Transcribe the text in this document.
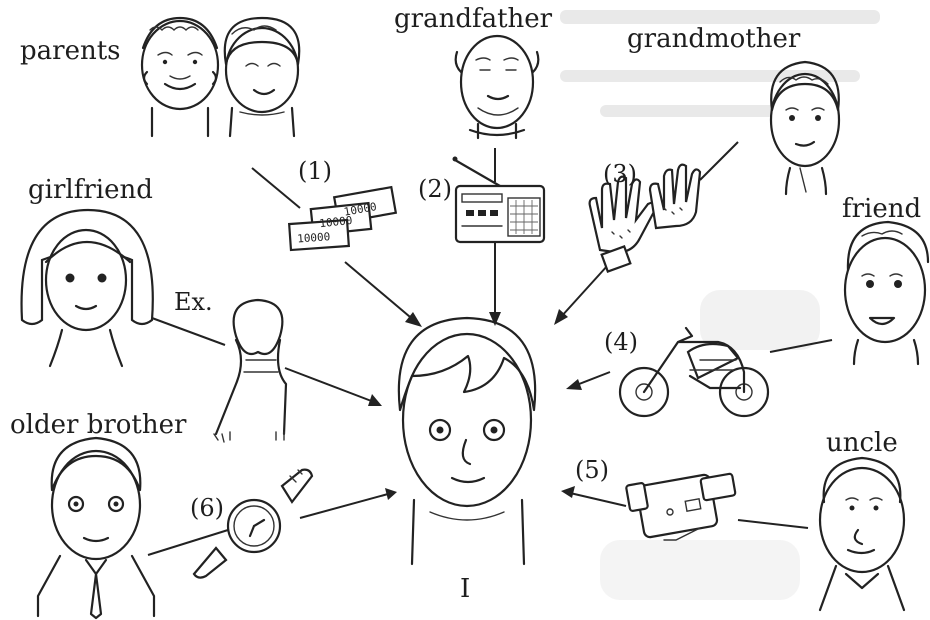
10000
10000
10000
parents
grandfather
grandmother
girlfriend
friend
older brother
uncle
I
Ex.
(1)
(2)
(3)
(4)
(5)
(6)
